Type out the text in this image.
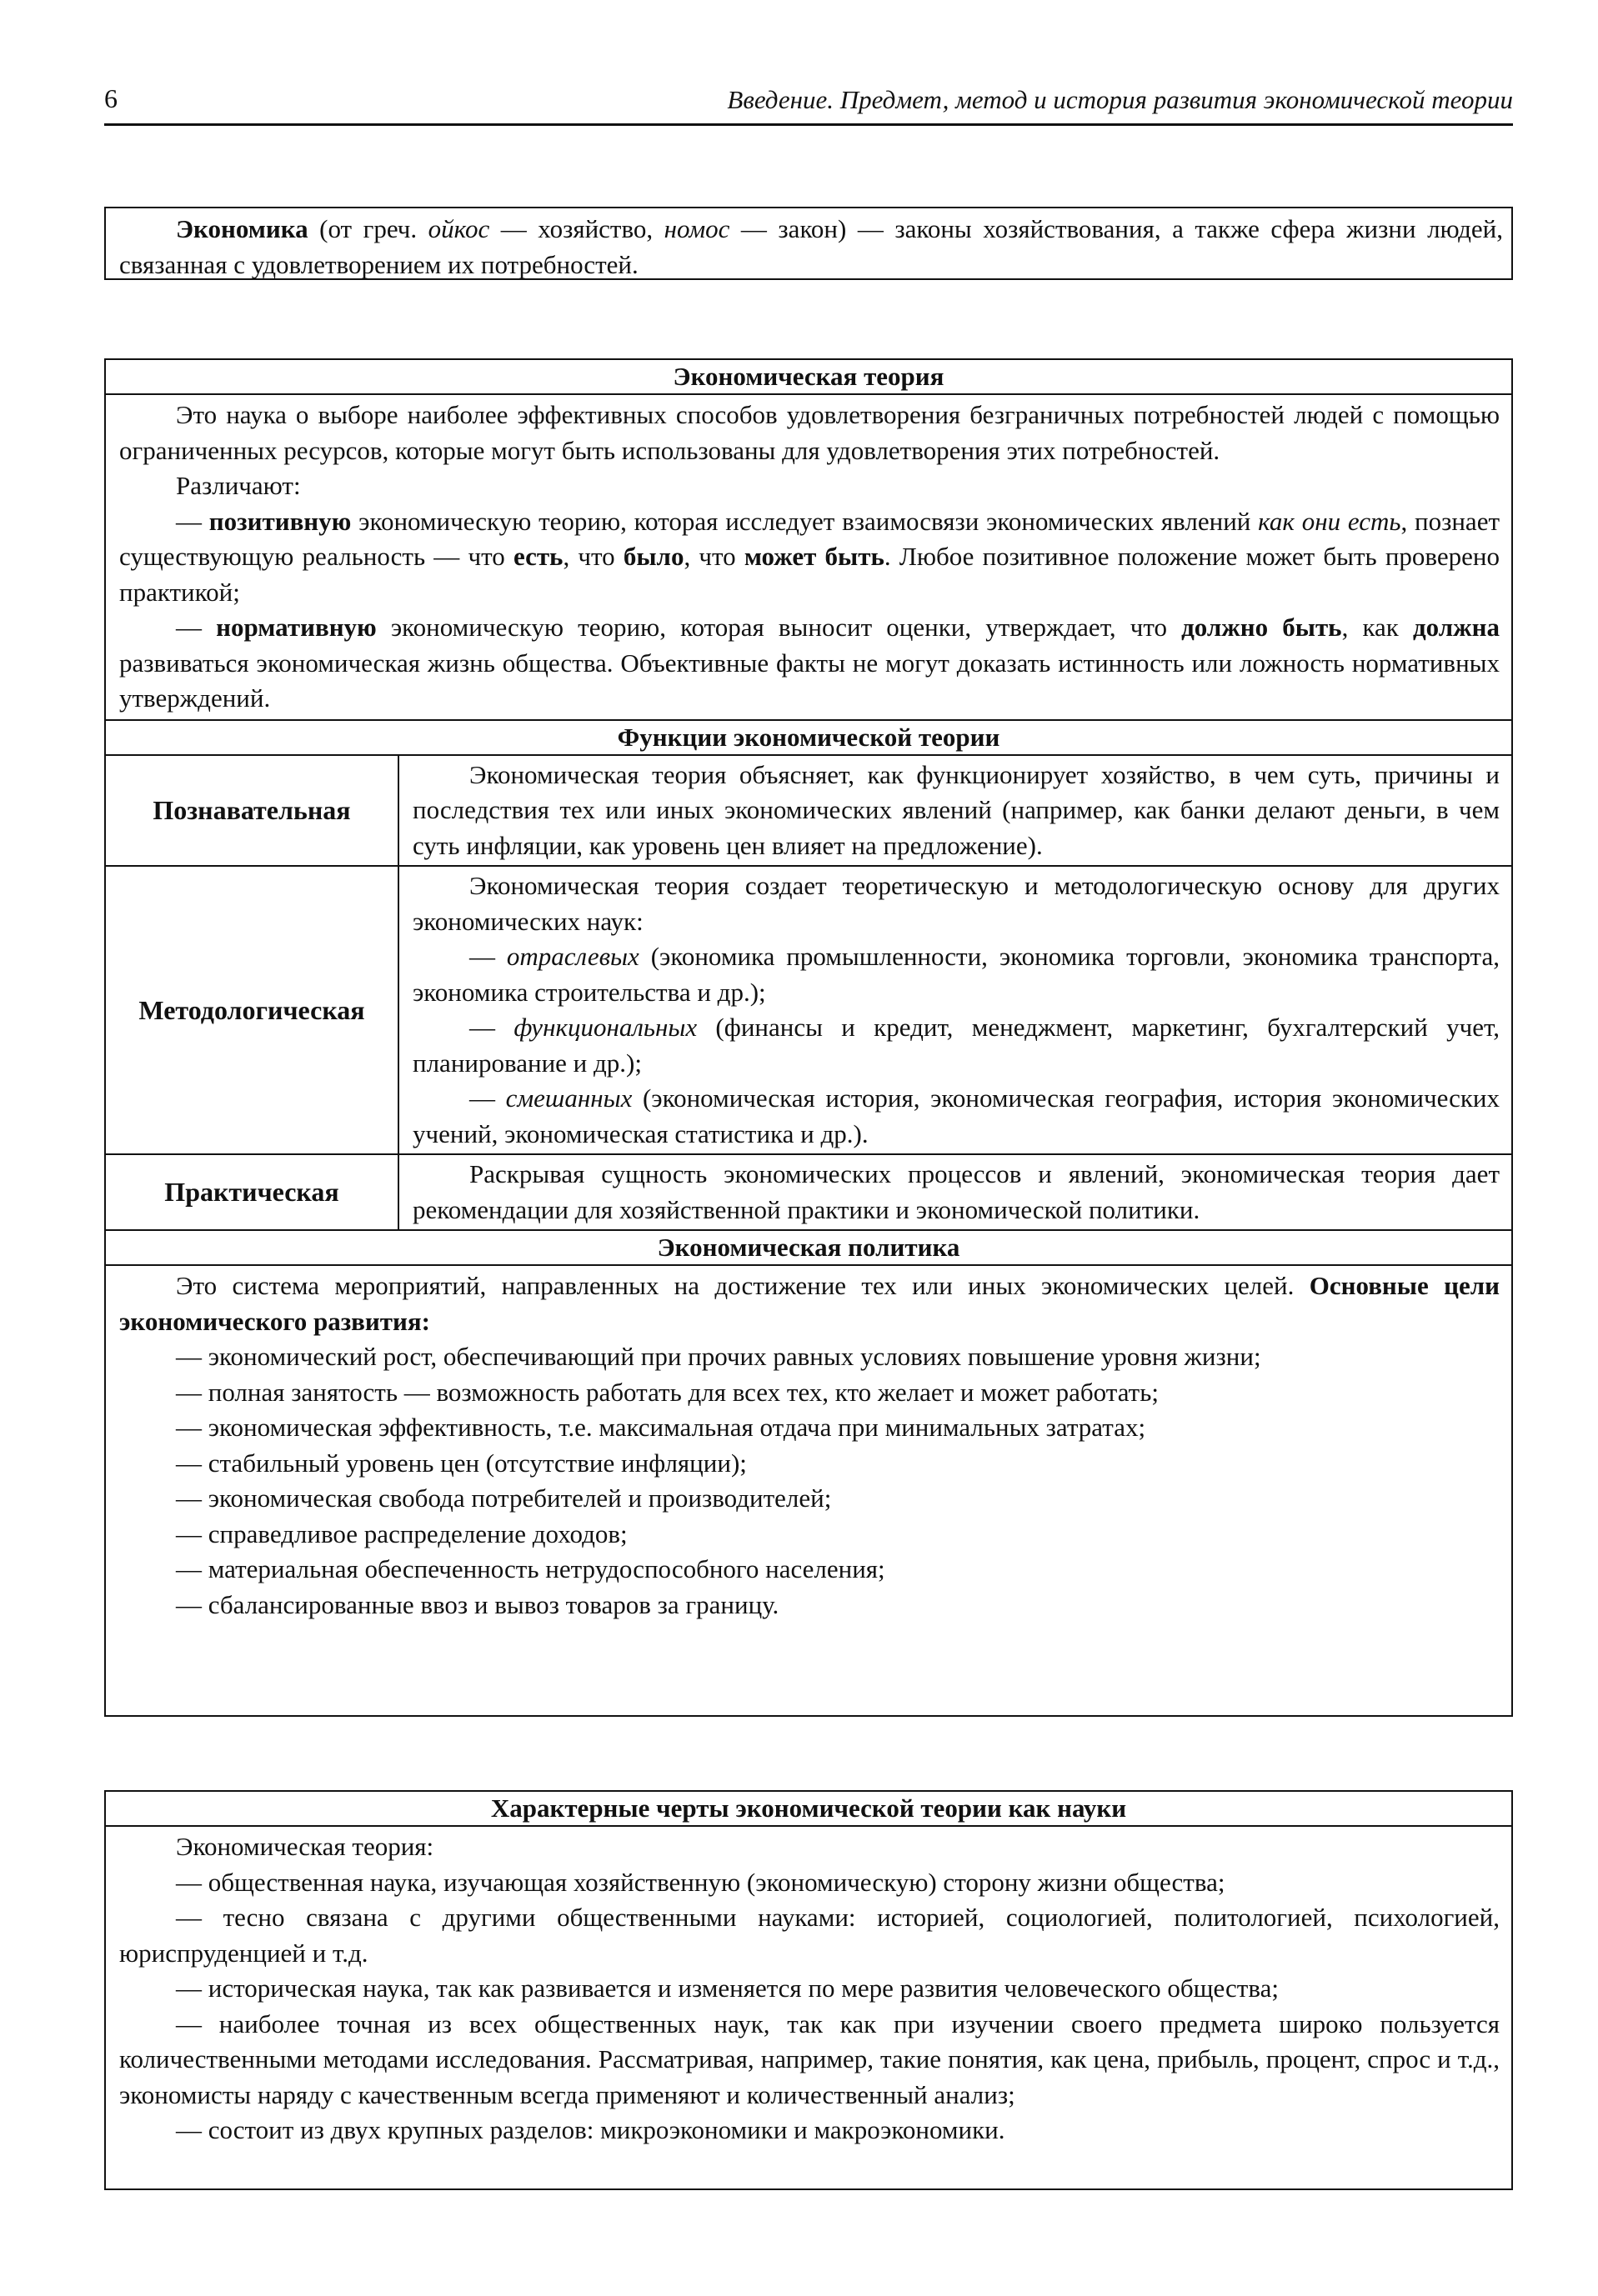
6	Введение. Предмет, метод и история развития экономической теории

Экономика (от греч. ойкос — хозяйство, номос — закон) — законы хозяйствования, а также сфера жизни людей, связанная с удовлетворением их потребностей.

Экономическая теория

Это наука о выборе наиболее эффективных способов удовлетворения безграничных потребностей людей с помощью ограниченных ресурсов, которые могут быть использованы для удовлетворения этих потребностей.

Различают:

— позитивную экономическую теорию, которая исследует взаимосвязи экономических явлений как они есть, познает существующую реальность — что есть, что было, что может быть. Любое позитивное положение может быть проверено практикой;

— нормативную экономическую теорию, которая выносит оценки, утверждает, что должно быть, как должна развиваться экономическая жизнь общества. Объективные факты не могут доказать истинность или ложность нормативных утверждений.

Функции экономической теории
Познавательная	Экономическая теория объясняет, как функционирует хозяйство, в чем суть, причины и последствия тех или иных экономических явлений (например, как банки делают деньги, в чем суть инфляции, как уровень цен влияет на предложение).

Методологическая	Экономическая теория создает теоретическую и методологическую основу для других экономических наук:

— отраслевых (экономика промышленности, экономика торговли, экономика транспорта, экономика строительства и др.);

— функциональных (финансы и кредит, менеджмент, маркетинг, бухгалтерский учет, планирование и др.);

— смешанных (экономическая история, экономическая география, история экономических учений, экономическая статистика и др.).

Практическая	Раскрывая сущность экономических процессов и явлений, экономическая теория дает рекомендации для хозяйственной практики и экономической политики.

Экономическая политика

Это система мероприятий, направленных на достижение тех или иных экономических целей. Основные цели экономического развития:

— экономический рост, обеспечивающий при прочих равных условиях повышение уровня жизни;

— полная занятость — возможность работать для всех тех, кто желает и может работать;

— экономическая эффективность, т.е. максимальная отдача при минимальных затратах;

— стабильный уровень цен (отсутствие инфляции);

— экономическая свобода потребителей и производителей;

— справедливое распределение доходов;

— материальная обеспеченность нетрудоспособного населения;

— сбалансированные ввоз и вывоз товаров за границу.

Характерные черты экономической теории как науки

Экономическая теория:

— общественная наука, изучающая хозяйственную (экономическую) сторону жизни общества;

— тесно связана с другими общественными науками: историей, социологией, политологией, психологией, юриспруденцией и т.д.

— историческая наука, так как развивается и изменяется по мере развития человеческого общества;

— наиболее точная из всех общественных наук, так как при изучении своего предмета широко пользуется количественными методами исследования. Рассматривая, например, такие понятия, как цена, прибыль, процент, спрос и т.д., экономисты наряду с качественным всегда применяют и количественный анализ;

— состоит из двух крупных разделов: микроэкономики и макроэкономики.
